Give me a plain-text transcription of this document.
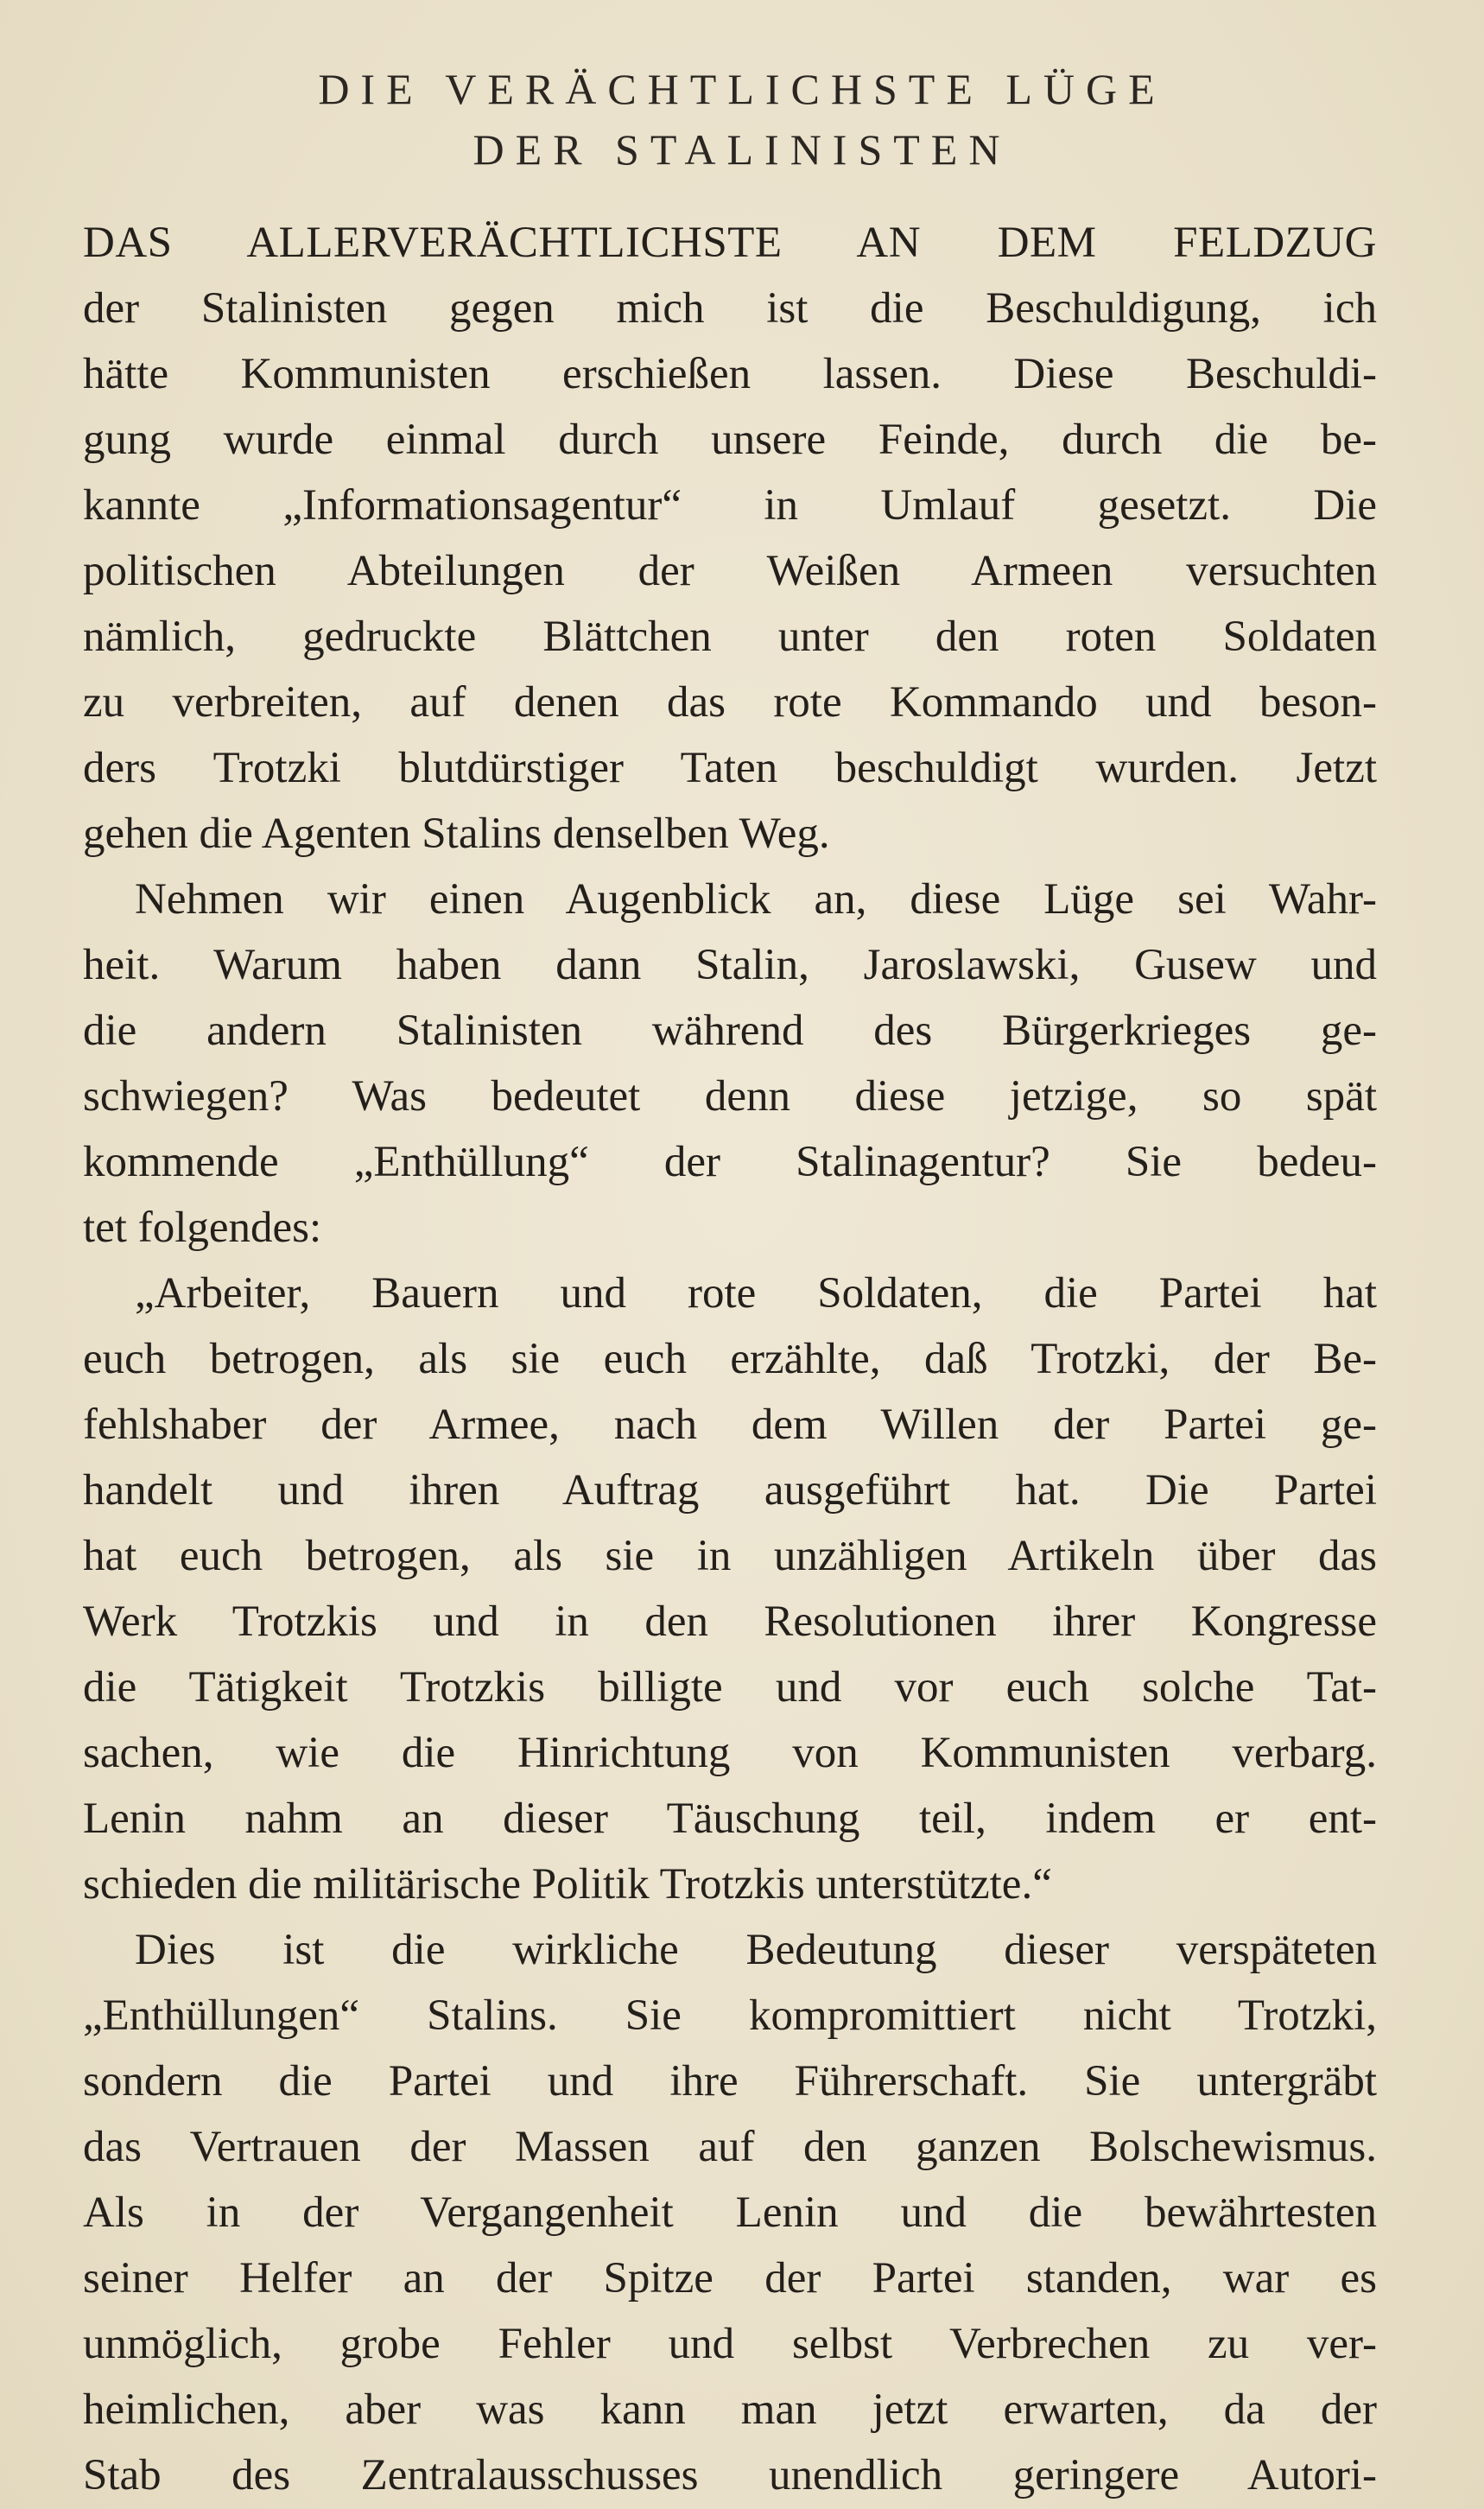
DIE VERÄCHTLICHSTE LÜGE
DER STALINISTEN
DAS ALLERVERÄCHTLICHSTE AN DEM FELDZUG
der Stalinisten gegen mich ist die Beschuldigung, ich
hätte Kommunisten erschießen lassen. Diese Beschuldi-
gung wurde einmal durch unsere Feinde, durch die be-
kannte „Informationsagentur“ in Umlauf gesetzt. Die
politischen Abteilungen der Weißen Armeen versuchten
nämlich, gedruckte Blättchen unter den roten Soldaten
zu verbreiten, auf denen das rote Kommando und beson-
ders Trotzki blutdürstiger Taten beschuldigt wurden. Jetzt
gehen die Agenten Stalins denselben Weg.
Nehmen wir einen Augenblick an, diese Lüge sei Wahr-
heit. Warum haben dann Stalin, Jaroslawski, Gusew und
die andern Stalinisten während des Bürgerkrieges ge-
schwiegen? Was bedeutet denn diese jetzige, so spät
kommende „Enthüllung“ der Stalinagentur? Sie bedeu-
tet folgendes:
„Arbeiter, Bauern und rote Soldaten, die Partei hat
euch betrogen, als sie euch erzählte, daß Trotzki, der Be-
fehlshaber der Armee, nach dem Willen der Partei ge-
handelt und ihren Auftrag ausgeführt hat. Die Partei
hat euch betrogen, als sie in unzähligen Artikeln über das
Werk Trotzkis und in den Resolutionen ihrer Kongresse
die Tätigkeit Trotzkis billigte und vor euch solche Tat-
sachen, wie die Hinrichtung von Kommunisten verbarg.
Lenin nahm an dieser Täuschung teil, indem er ent-
schieden die militärische Politik Trotzkis unterstützte.“
Dies ist die wirkliche Bedeutung dieser verspäteten
„Enthüllungen“ Stalins. Sie kompromittiert nicht Trotzki,
sondern die Partei und ihre Führerschaft. Sie untergräbt
das Vertrauen der Massen auf den ganzen Bolschewismus.
Als in der Vergangenheit Lenin und die bewährtesten
seiner Helfer an der Spitze der Partei standen, war es
unmöglich, grobe Fehler und selbst Verbrechen zu ver-
heimlichen, aber was kann man jetzt erwarten, da der
Stab des Zentralausschusses unendlich geringere Autori-
